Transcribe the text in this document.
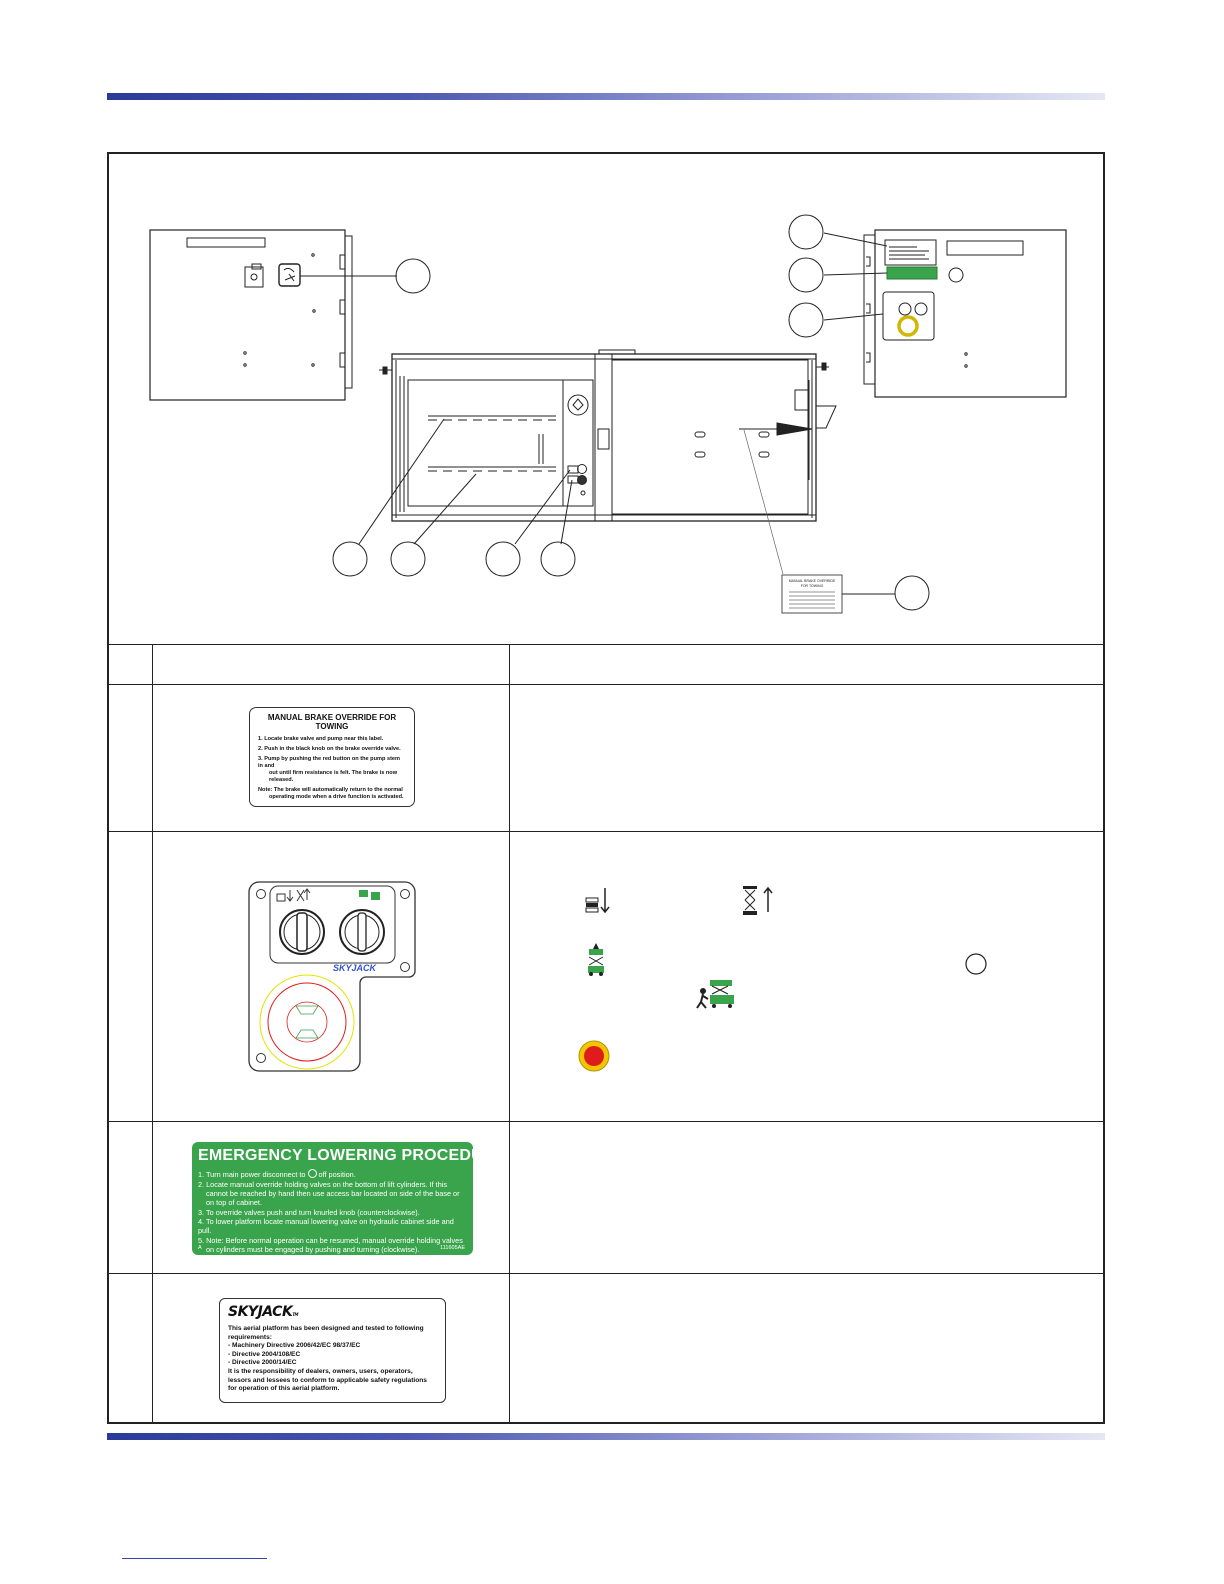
MANUAL BRAKE OVERRIDE
FOR TOWING
MANUAL BRAKE OVERRIDE FOR TOWING
1. Locate brake valve and pump near this label.
2. Push in the black knob on the brake override valve.
3. Pump by pushing the red button on the pump stem in and
out until firm resistance is felt. The brake is now released.
Note: The brake will automatically return to the normal
operating mode when a drive function is activated.
SKYJACK
EMERGENCY LOWERING PROCEDURE
1. Turn main power disconnect to off position.
2. Locate manual override holding valves on the bottom of lift cylinders. If this
cannot be reached by hand then use access bar located on side of the base or
on top of cabinet.
3. To override valves push and turn knurled knob (counterclockwise).
4. To lower platform locate manual lowering valve on hydraulic cabinet side and pull.
5. Note: Before normal operation can be resumed, manual override holding valves
on cylinders must be engaged by pushing and turning (clockwise).
A	111605AE
SKYJACKTM
This aerial platform has been designed and tested to following
requirements:
- Machinery Directive 2006/42/EC 98/37/EC
- Directive 2004/108/EC
- Directive 2000/14/EC
It is the responsibility of dealers, owners, users, operators,
lessors and lessees to conform to applicable safety regulations
for operation of this aerial platform.
